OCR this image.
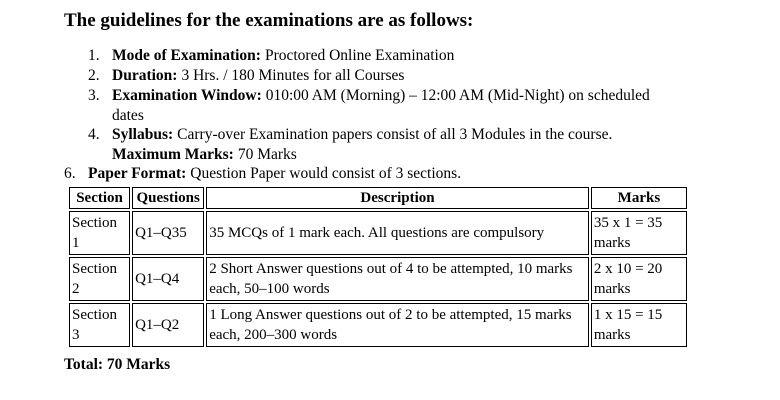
The guidelines for the examinations are as follows:
1. Mode of Examination: Proctored Online Examination
2. Duration: 3 Hrs. / 180 Minutes for all Courses
3. Examination Window: 010:00 AM (Morning) – 12:00 AM (Mid-Night) on scheduled
dates
4. Syllabus: Carry-over Examination papers consist of all 3 Modules in the course.
Maximum Marks: 70 Marks
6. Paper Format: Question Paper would consist of 3 sections.
Section	Questions	Description	Marks
Section 1	Q1–Q35	35 MCQs of 1 mark each. All questions are compulsory	35 x 1 = 35 marks
Section 2	Q1–Q4	2 Short Answer questions out of 4 to be attempted, 10 marks each, 50–100 words	2 x 10 = 20 marks
Section 3	Q1–Q2	1 Long Answer questions out of 2 to be attempted, 15 marks each, 200–300 words	1 x 15 = 15 marks
Total: 70 Marks
